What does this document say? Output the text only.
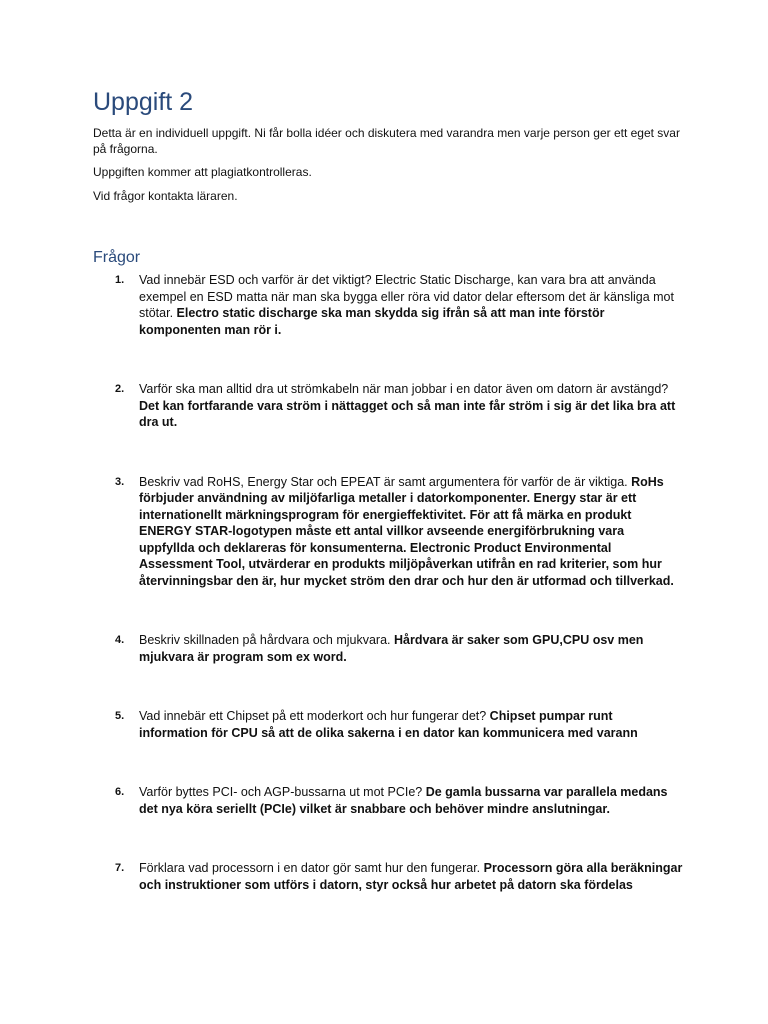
Uppgift 2

Detta är en individuell uppgift. Ni får bolla idéer och diskutera med varandra men varje person ger ett eget svar på frågorna.

Uppgiften kommer att plagiatkontrolleras.

Vid frågor kontakta läraren.

Frågor
1. Vad innebär ESD och varför är det viktigt? Electric Static Discharge, kan vara bra att använda exempel en ESD matta när man ska bygga eller röra vid dator delar eftersom det är känsliga mot stötar. Electro static discharge ska man skydda sig ifrån så att man inte förstör komponenten man rör i.
2. Varför ska man alltid dra ut strömkabeln när man jobbar i en dator även om datorn är avstängd? Det kan fortfarande vara ström i nättagget och så man inte får ström i sig är det lika bra att dra ut.
3. Beskriv vad RoHS, Energy Star och EPEAT är samt argumentera för varför de är viktiga. RoHs förbjuder användning av miljöfarliga metaller i datorkomponenter. Energy star är ett internationellt märkningsprogram för energieffektivitet. För att få märka en produkt ENERGY STAR-logotypen måste ett antal villkor avseende energiförbrukning vara uppfyllda och deklareras för konsumenterna. Electronic Product Environmental Assessment Tool, utvärderar en produkts miljöpåverkan utifrån en rad kriterier, som hur återvinningsbar den är, hur mycket ström den drar och hur den är utformad och tillverkad.
4. Beskriv skillnaden på hårdvara och mjukvara. Hårdvara är saker som GPU,CPU osv men mjukvara är program som ex word.
5. Vad innebär ett Chipset på ett moderkort och hur fungerar det? Chipset pumpar runt information för CPU så att de olika sakerna i en dator kan kommunicera med varann
6. Varför byttes PCI- och AGP-bussarna ut mot PCIe? De gamla bussarna var parallela medans det nya köra seriellt (PCIe) vilket är snabbare och behöver mindre anslutningar.
7. Förklara vad processorn i en dator gör samt hur den fungerar. Processorn göra alla beräkningar och instruktioner som utförs i datorn, styr också hur arbetet på datorn ska fördelas
